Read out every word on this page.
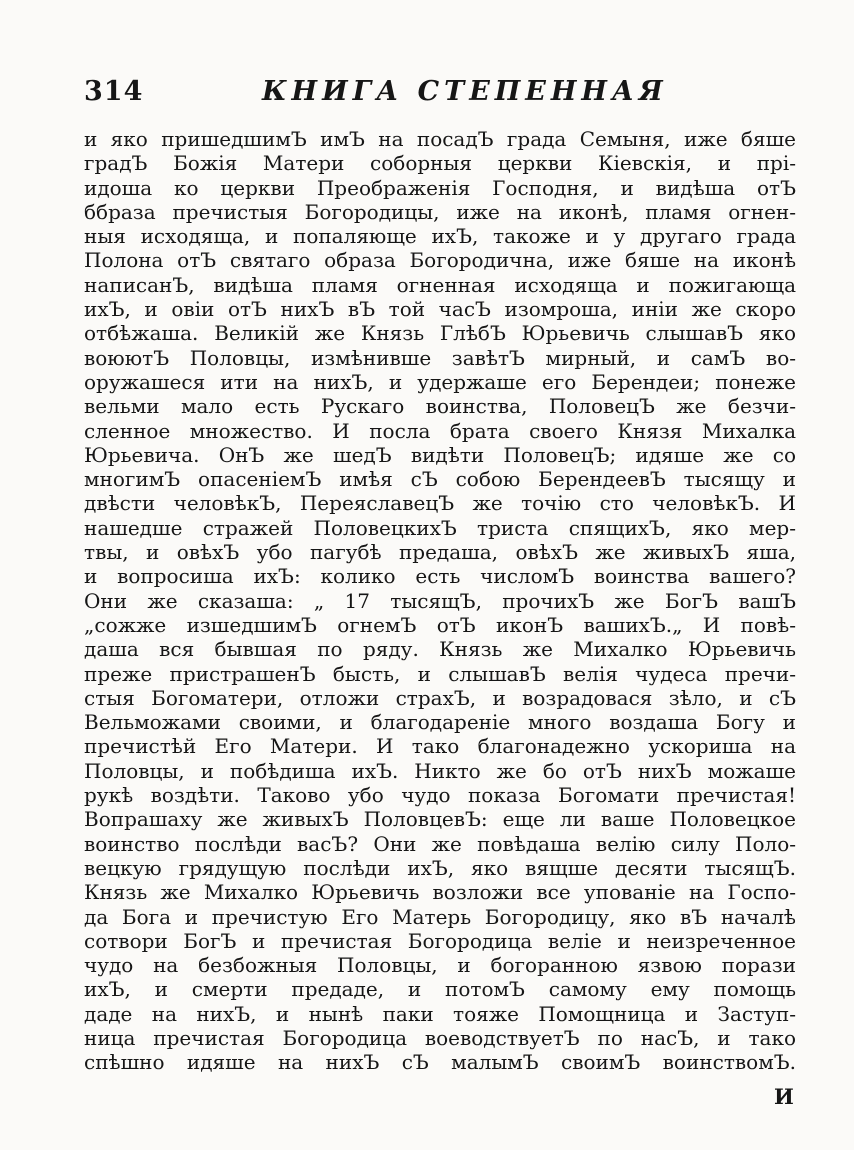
314	КНИГА СТЕПЕННАЯ
и яко пришедшимЪ имЪ на посадЪ града Семыня, иже бяше
градЪ Божія Матери соборныя церкви Кіевскія, и прі-
идоша ко церкви Преображенія Господня, и видѣша отЪ
ббраза пречистыя Богородицы, иже на иконѣ, пламя огнен-
ныя исходяща, и попаляюще ихЪ, такоже и у другаго града
Полона отЪ святаго образа Богородична, иже бяше на иконѣ
написанЪ, видѣша пламя огненная исходяща и пожигающа
ихЪ, и овіи отЪ нихЪ вЪ той часЪ изомроша, иніи же скоро
отбѣжаша. Великій же Князь ГлѣбЪ Юрьевичь слышавЪ яко
воюютЪ Половцы, измѣнивше завѣтЪ мирный, и самЪ во-
оружашеся ити на нихЪ, и удержаше его Берендеи; понеже
вельми мало есть Рускаго воинства, ПоловецЪ же безчи-
сленное множество. И посла брата своего Князя Михалка
Юрьевича. ОнЪ же шедЪ видѣти ПоловецЪ; идяше же со
многимЪ опасеніемЪ имѣя сЪ собою БерендеевЪ тысящу и
двѣсти человѣкЪ, ПереяславецЪ же точію сто человѣкЪ. И
нашедше стражей ПоловецкихЪ триста спящихЪ, яко мер-
твы, и овѣхЪ убо пагубѣ предаша, овѣхЪ же живыхЪ яша,
и вопросиша ихЪ: колико есть числомЪ воинства вашего?
Они же сказаша: „ 17 тысящЪ, прочихЪ же БогЪ вашЪ
„сожже изшедшимЪ огнемЪ отЪ иконЪ вашихЪ.„ И повѣ-
даша вся бывшая по ряду. Князь же Михалко Юрьевичь
преже пристрашенЪ бысть, и слышавЪ велія чудеса пречи-
стыя Богоматери, отложи страхЪ, и возрадовася зѣло, и сЪ
Вельможами своими, и благодареніе много воздаша Богу и
пречистѣй Его Матери. И тако благонадежно ускориша на
Половцы, и побѣдиша ихЪ. Никто же бо отЪ нихЪ можаше
рукѣ воздѣти. Таково убо чудо показа Богомати пречистая!
Вопрашаху же живыхЪ ПоловцевЪ: еще ли ваше Половецкое
воинство послѣди васЪ? Они же повѣдаша велію силу Поло-
вецкую грядущую послѣди ихЪ, яко вящше десяти тысящЪ.
Князь же Михалко Юрьевичь возложи все упованіе на Госпо-
да Бога и пречистую Его Матерь Богородицу, яко вЪ началѣ
сотвори БогЪ и пречистая Богородица веліе и неизреченное
чудо на безбожныя Половцы, и богоранною язвою порази
ихЪ, и смерти предаде, и потомЪ самому ему помощь
даде на нихЪ, и нынѣ паки тояже Помощница и Заступ-
ница пречистая Богородица воеводствуетЪ по насЪ, и тако
спѣшно идяше на нихЪ сЪ малымЪ своимЪ воинствомЪ.
И
